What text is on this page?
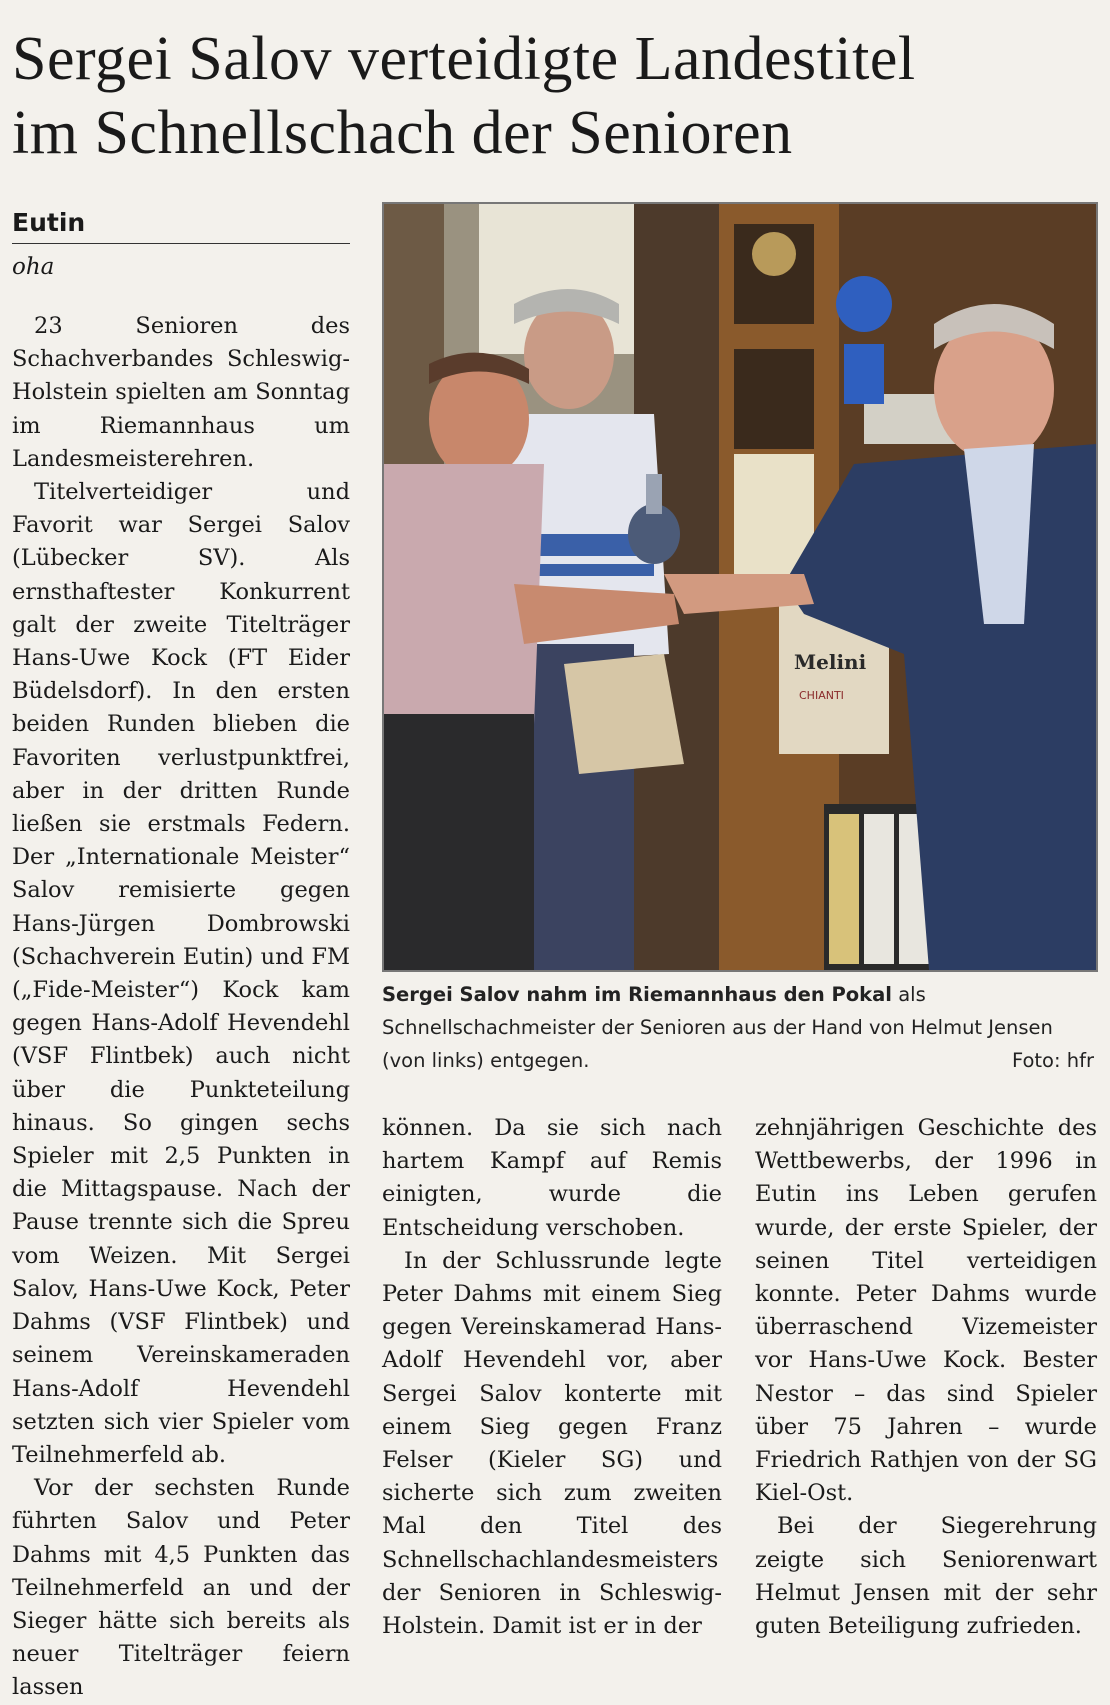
Sergei Salov verteidigte Landestitel
im Schnellschach der Senioren
Eutin
oha

23 Senioren des Schachverbandes Schleswig-Holstein spielten am Sonntag im Riemannhaus um Landesmeisterehren.

Titelverteidiger und Favorit war Sergei Salov (Lübecker SV). Als ernsthaftester Konkurrent galt der zweite Titelträger Hans-Uwe Kock (FT Eider Büdelsdorf). In den ersten beiden Runden blieben die Favoriten verlustpunktfrei, aber in der dritten Runde ließen sie erstmals Federn. Der „Internationale Meister“ Salov remisierte gegen Hans-Jürgen Dombrowski (Schachverein Eutin) und FM („Fide-Meister“) Kock kam gegen Hans-Adolf Hevendehl (VSF Flintbek) auch nicht über die Punkteteilung hinaus. So gingen sechs Spieler mit 2,5 Punkten in die Mittagspause. Nach der Pause trennte sich die Spreu vom Weizen. Mit Sergei Salov, Hans-Uwe Kock, Peter Dahms (VSF Flintbek) und seinem Vereinskameraden Hans-Adolf Hevendehl setzten sich vier Spieler vom Teilnehmerfeld ab.

Vor der sechsten Runde führten Salov und Peter Dahms mit 4,5 Punkten das Teilnehmerfeld an und der Sieger hätte sich bereits als neuer Titelträger feiern lassen

Melini
CHIANTI
Sergei Salov nahm im Riemannhaus den Pokal als Schnellschachmeister der Senioren aus der Hand von Helmut Jensen (von links) entgegen.	Foto: hfr

können. Da sie sich nach hartem Kampf auf Remis einigten, wurde die Entscheidung verschoben.

In der Schlussrunde legte Peter Dahms mit einem Sieg gegen Vereinskamerad Hans-Adolf Hevendehl vor, aber Sergei Salov konterte mit einem Sieg gegen Franz Felser (Kieler SG) und sicherte sich zum zweiten Mal den Titel des Schnellschachlandesmeisters der Senioren in Schleswig-Holstein. Damit ist er in der

zehnjährigen Geschichte des Wettbewerbs, der 1996 in Eutin ins Leben gerufen wurde, der erste Spieler, der seinen Titel verteidigen konnte. Peter Dahms wurde überraschend Vizemeister vor Hans-Uwe Kock. Bester Nestor – das sind Spieler über 75 Jahren – wurde Friedrich Rathjen von der SG Kiel-Ost.

Bei der Siegerehrung zeigte sich Seniorenwart Helmut Jensen mit der sehr guten Beteiligung zufrieden.
